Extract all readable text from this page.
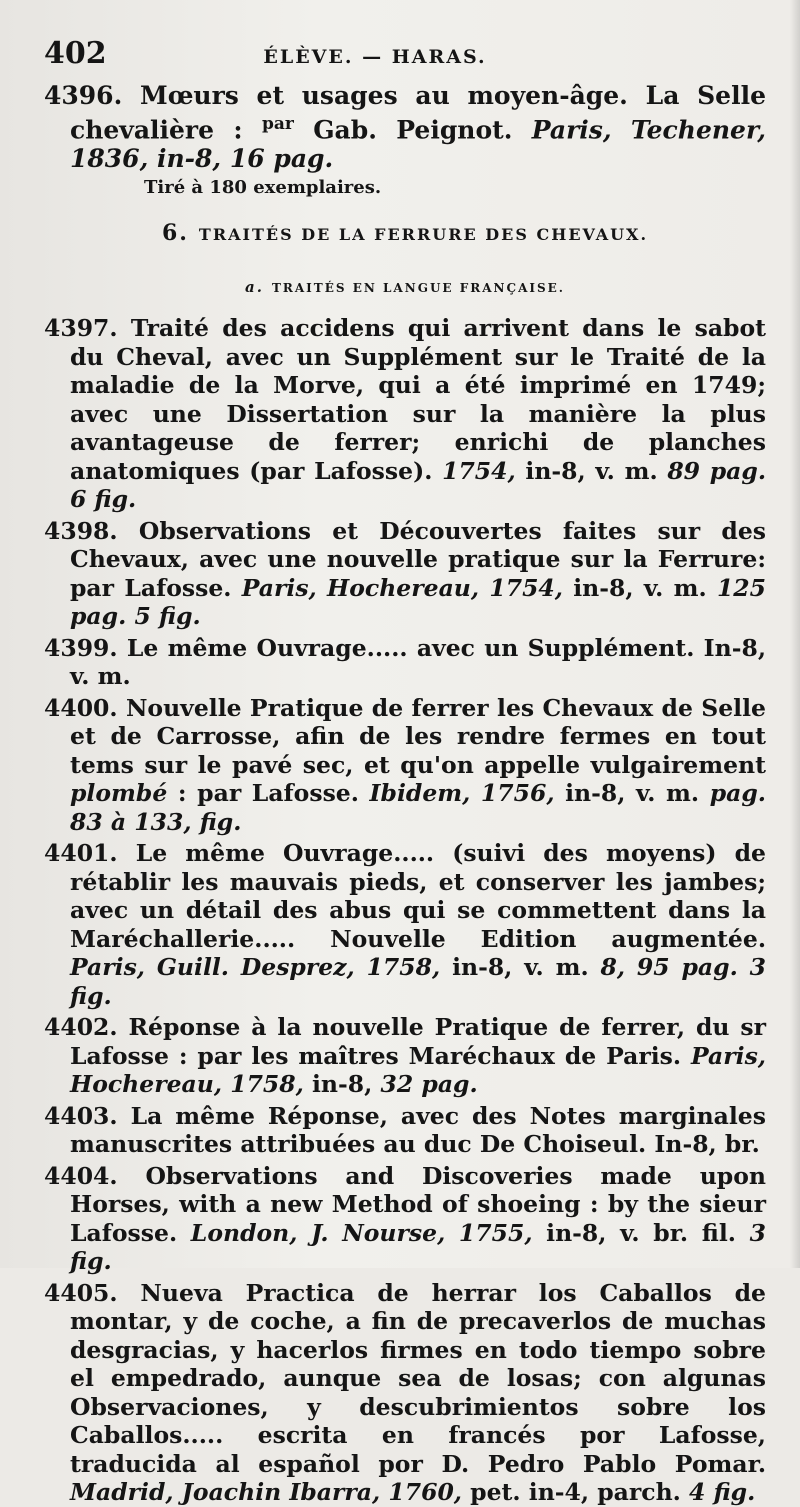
402	ÉLÈVE. — HARAS.

4396. Mœurs et usages au moyen-âge. La Selle chevalière : $^{par}$ Gab. Peignot. Paris, Techener, 1836, in-8, 16 pag.

Tiré à 180 exemplaires.
6. TRAITÉS DE LA FERRURE DES CHEVAUX.
a. TRAITÉS EN LANGUE FRANÇAISE.

4397. Traité des accidens qui arrivent dans le sabot du Cheval, avec un Supplément sur le Traité de la maladie de la Morve, qui a été imprimé en 1749; avec une Dissertation sur la manière la plus avantageuse de ferrer; enrichi de planches anatomiques (par Lafosse). 1754, in-8, v. m. 89 pag. 6 fig.

4398. Observations et Découvertes faites sur des Chevaux, avec une nouvelle pratique sur la Ferrure: par Lafosse. Paris, Hochereau, 1754, in-8, v. m. 125 pag. 5 fig.

4399. Le même Ouvrage..... avec un Supplément. In-8, v. m.

4400. Nouvelle Pratique de ferrer les Chevaux de Selle et de Carrosse, afin de les rendre fermes en tout tems sur le pavé sec, et qu'on appelle vulgairement plombé : par Lafosse. Ibidem, 1756, in-8, v. m. pag. 83 à 133, fig.

4401. Le même Ouvrage..... (suivi des moyens) de rétablir les mauvais pieds, et conserver les jambes; avec un détail des abus qui se commettent dans la Maréchallerie..... Nouvelle Edition augmentée. Paris, Guill. Desprez, 1758, in-8, v. m. 8, 95 pag. 3 fig.

4402. Réponse à la nouvelle Pratique de ferrer, du sr Lafosse : par les maîtres Maréchaux de Paris. Paris, Hochereau, 1758, in-8, 32 pag.

4403. La même Réponse, avec des Notes marginales manuscrites attribuées au duc De Choiseul. In-8, br.

4404. Observations and Discoveries made upon Horses, with a new Method of shoeing : by the sieur Lafosse. London, J. Nourse, 1755, in-8, v. br. fil. 3 fig.

4405. Nueva Practica de herrar los Caballos de montar, y de coche, a fin de precaverlos de muchas desgracias, y hacerlos firmes en todo tiempo sobre el empedrado, aunque sea de losas; con algunas Observaciones, y descubrimientos sobre los Caballos..... escrita en francés por Lafosse, traducida al español por D. Pedro Pablo Pomar. Madrid, Joachin Ibarra, 1760, pet. in-4, parch. 4 fig.
